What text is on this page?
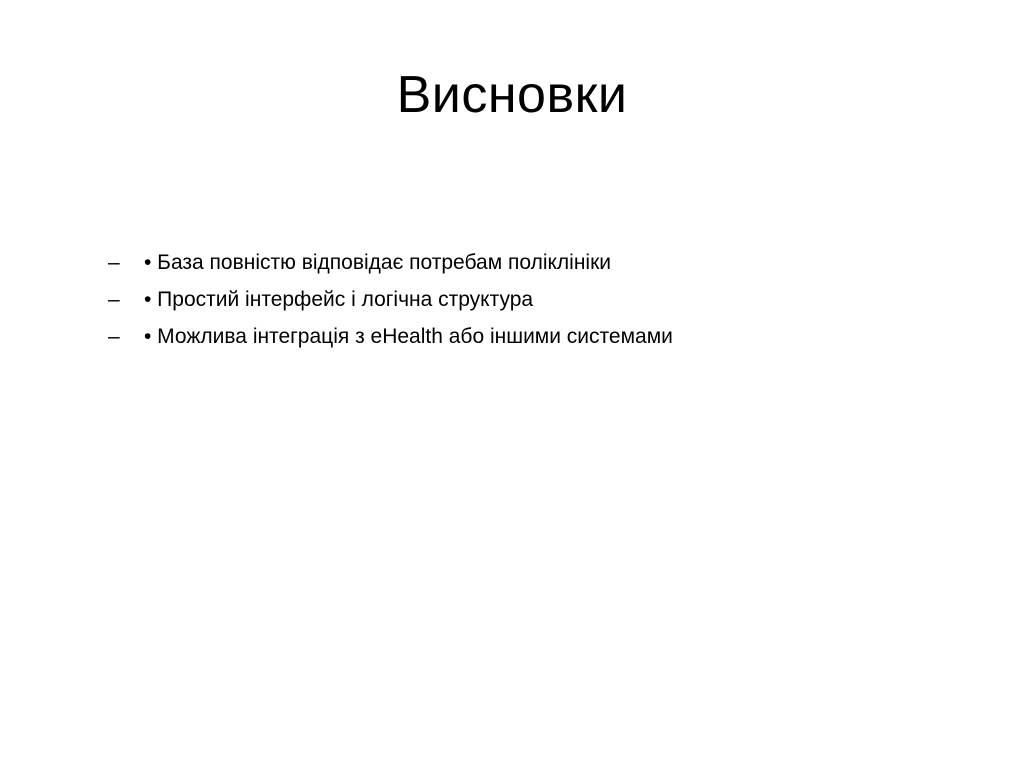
Висновки
–	• База повністю відповідає потребам поліклініки
–	• Простий інтерфейс і логічна структура
–	• Можлива інтеграція з eHealth або іншими системами
